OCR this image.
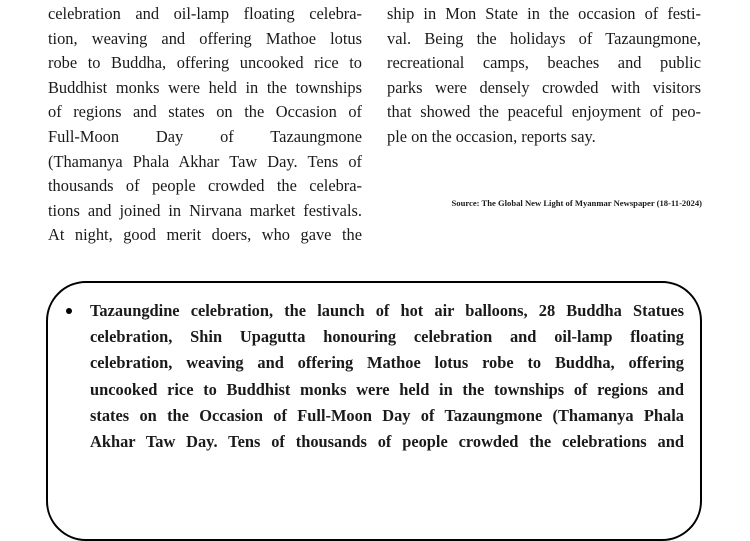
celebration and oil-lamp floating celebra-
tion, weaving and offering Mathoe lotus
robe to Buddha, offering uncooked rice to
Buddhist monks were held in the townships
of regions and states on the Occasion of
Full-Moon Day of Tazaungmone
(Thamanya Phala Akhar Taw Day. Tens of
thousands of people crowded the celebra-
tions and joined in Nirvana market festivals.
At night, good merit doers, who gave the
ship in Mon State in the occasion of festi-
val. Being the holidays of Tazaungmone,
recreational camps, beaches and public
parks were densely crowded with visitors
that showed the peaceful enjoyment of peo-
ple on the occasion, reports say.
Source: The Global New Light of Myanmar Newspaper (18-11-2024)
Tazaungdine celebration, the launch of hot air balloons, 28 Buddha Statues
celebration, Shin Upagutta honouring celebration and oil-lamp floating
celebration, weaving and offering Mathoe lotus robe to Buddha, offering
uncooked rice to Buddhist monks were held in the townships of regions and
states on the Occasion of Full-Moon Day of Tazaungmone (Thamanya Phala
Akhar Taw Day. Tens of thousands of people crowded the celebrations and
